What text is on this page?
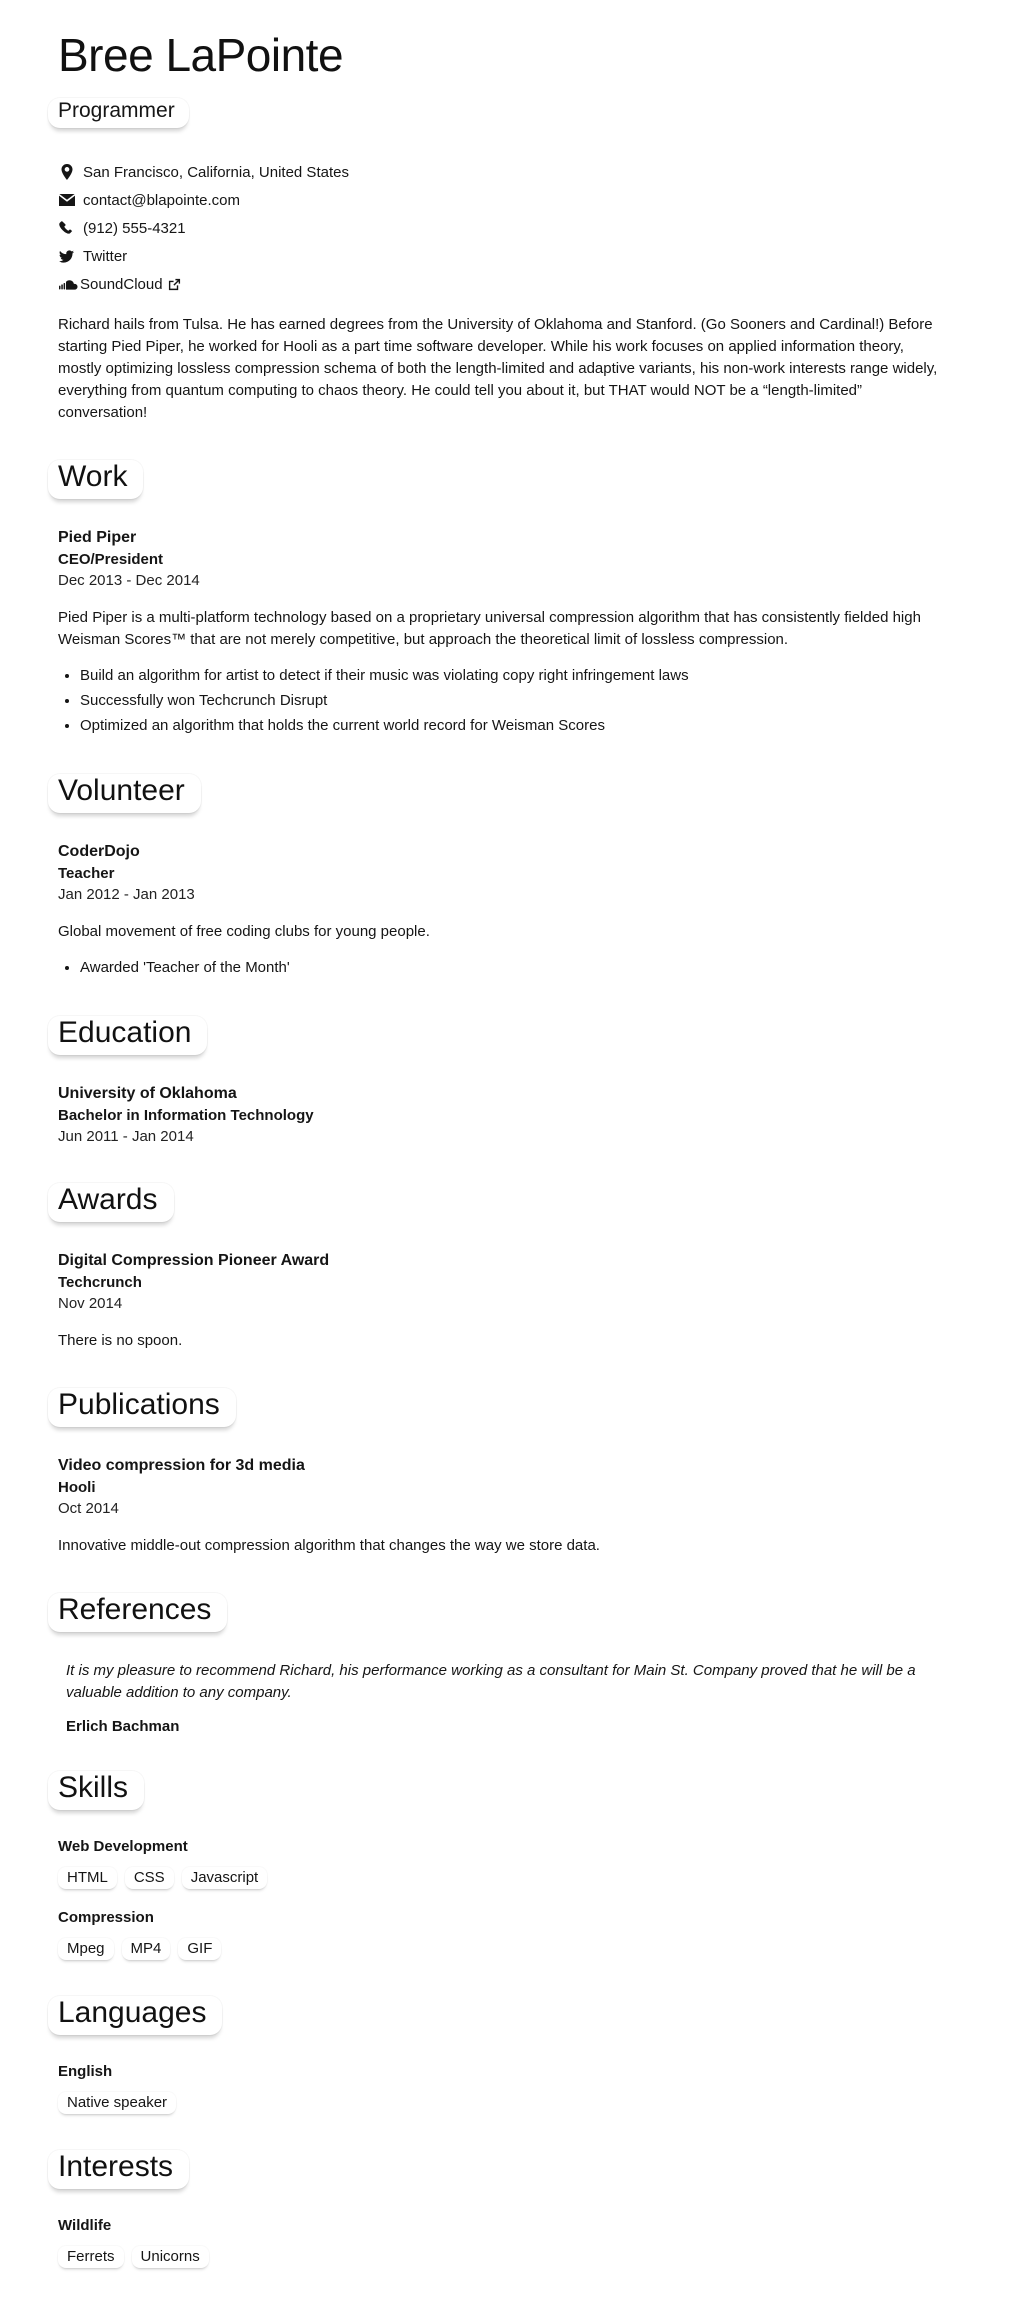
Bree LaPointe
Programmer
San Francisco, California, United States
contact@blapointe.com
(912) 555-4321
Twitter
SoundCloud

Richard hails from Tulsa. He has earned degrees from the University of Oklahoma and Stanford. (Go Sooners and Cardinal!) Before starting Pied Piper, he worked for Hooli as a part time software developer. While his work focuses on applied information theory, mostly optimizing lossless compression schema of both the length-limited and adaptive variants, his non-work interests range widely, everything from quantum computing to chaos theory. He could tell you about it, but THAT would NOT be a “length-limited” conversation!

Work
Pied Piper
CEO/President
Dec 2013 - Dec 2014

Pied Piper is a multi-platform technology based on a proprietary universal compression algorithm that has consistently fielded high Weisman Scores™ that are not merely competitive, but approach the theoretical limit of lossless compression.

• Build an algorithm for artist to detect if their music was violating copy right infringement laws
• Successfully won Techcrunch Disrupt
• Optimized an algorithm that holds the current world record for Weisman Scores
Volunteer
CoderDojo
Teacher
Jan 2012 - Jan 2013

Global movement of free coding clubs for young people.

• Awarded 'Teacher of the Month'
Education
University of Oklahoma
Bachelor in Information Technology
Jun 2011 - Jan 2014
Awards
Digital Compression Pioneer Award
Techcrunch
Nov 2014

There is no spoon.

Publications
Video compression for 3d media
Hooli
Oct 2014

Innovative middle-out compression algorithm that changes the way we store data.

References
It is my pleasure to recommend Richard, his performance working as a consultant for Main St. Company proved that he will be a valuable addition to any company.
Erlich Bachman
Skills
Web Development
HTML	CSS	Javascript
Compression
Mpeg	MP4	GIF
Languages
English
Native speaker
Interests
Wildlife
Ferrets	Unicorns
